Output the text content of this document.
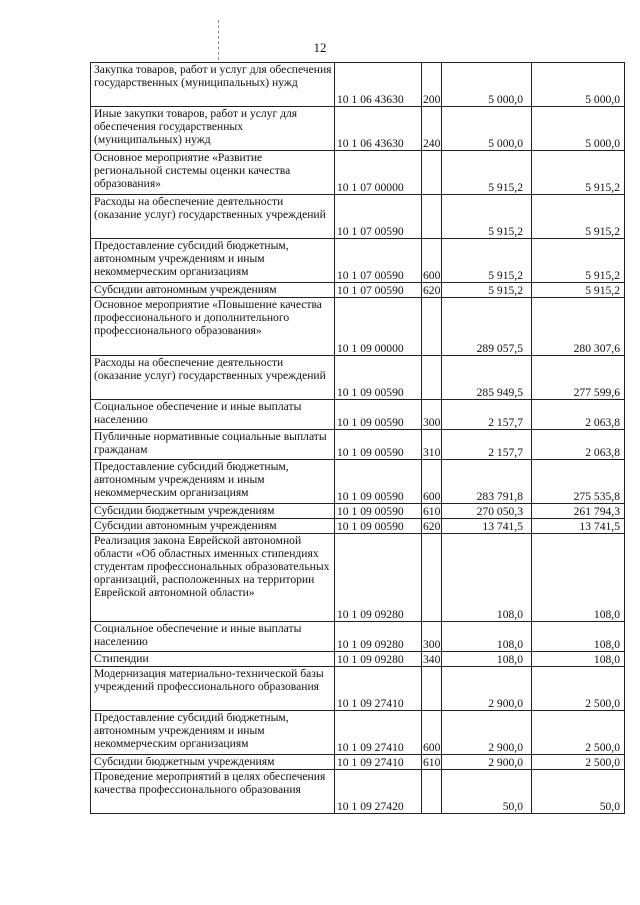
12
Закупка товаров, работ и услуг для обеспечения государственных (муниципальных) нужд	10 1 06 43630	200	5 000,0	5 000,0
Иные закупки товаров, работ и услуг для обеспечения государственных (муниципальных) нужд	10 1 06 43630	240	5 000,0	5 000,0
Основное мероприятие «Развитие региональной системы оценки качества образования»	10 1 07 00000		5 915,2	5 915,2
Расходы на обеспечение деятельности (оказание услуг) государственных учреждений	10 1 07 00590		5 915,2	5 915,2
Предоставление субсидий бюджетным, автономным учреждениям и иным некоммерческим организациям	10 1 07 00590	600	5 915,2	5 915,2
Субсидии автономным учреждениям	10 1 07 00590	620	5 915,2	5 915,2
Основное мероприятие «Повышение качества профессионального и дополнительного профессионального образования»	10 1 09 00000		289 057,5	280 307,6
Расходы на обеспечение деятельности (оказание услуг) государственных учреждений	10 1 09 00590		285 949,5	277 599,6
Социальное обеспечение и иные выплаты населению	10 1 09 00590	300	2 157,7	2 063,8
Публичные нормативные социальные выплаты гражданам	10 1 09 00590	310	2 157,7	2 063,8
Предоставление субсидий бюджетным, автономным учреждениям и иным некоммерческим организациям	10 1 09 00590	600	283 791,8	275 535,8
Субсидии бюджетным учреждениям	10 1 09 00590	610	270 050,3	261 794,3
Субсидии автономным учреждениям	10 1 09 00590	620	13 741,5	13 741,5
Реализация закона Еврейской автономной области «Об областных именных стипендиях студентам профессиональных образовательных организаций, расположенных на территории Еврейской автономной области»	10 1 09 09280		108,0	108,0
Социальное обеспечение и иные выплаты населению	10 1 09 09280	300	108,0	108,0
Стипендии	10 1 09 09280	340	108,0	108,0
Модернизация материально-технической базы учреждений профессионального образования	10 1 09 27410		2 900,0	2 500,0
Предоставление субсидий бюджетным, автономным учреждениям и иным некоммерческим организациям	10 1 09 27410	600	2 900,0	2 500,0
Субсидии бюджетным учреждениям	10 1 09 27410	610	2 900,0	2 500,0
Проведение мероприятий в целях обеспечения качества профессионального образования	10 1 09 27420		50,0	50,0
